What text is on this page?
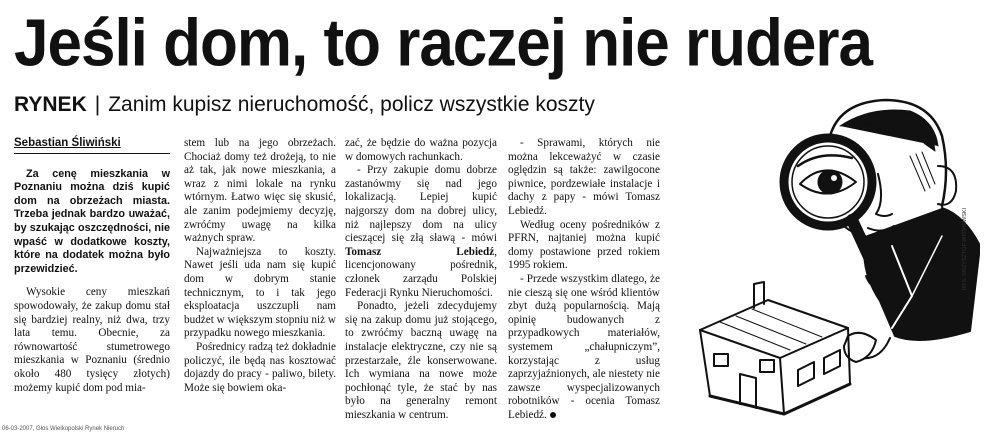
Jeśli dom, to raczej nie rudera
RYNEK | Zanim kupisz nieruchomość, policz wszystkie koszty
Sebastian Śliwiński

Za cenę mieszkania w Poznaniu można dziś kupić dom na obrzeżach miasta. Trzeba jednak bardzo uważać, by szukając oszczędności, nie wpaść w dodatkowe koszty, które na dodatek można było przewidzieć.

Wysokie ceny mieszkań spowodowały, że zakup domu stał się bardziej realny, niż dwa, trzy lata temu. Obecnie, za równowartość stumetrowego mieszkania w Poznaniu (średnio około 480 tysięcy złotych) możemy kupić dom pod mia-

stem lub na jego obrzeżach. Chociaż domy też drożeją, to nie aż tak, jak nowe mieszkania, a wraz z nimi lokale na rynku wtórnym. Łatwo więc się skusić, ale zanim podejmiemy decyzję, zwróćmy uwagę na kilka ważnych spraw.

Najważniejsza to koszty. Nawet jeśli uda nam się kupić dom w dobrym stanie technicznym, to i tak jego eksploatacja uszczupli nam budżet w większym stopniu niż w przypadku nowego mieszkania.

Pośrednicy radzą też dokładnie policzyć, ile będą nas kosztować dojazdy do pracy - paliwo, bilety. Może się bowiem oka-

zać, że będzie do ważna pozycja w domowych rachunkach.

- Przy zakupie domu dobrze zastanówmy się nad jego lokalizacją. Lepiej kupić najgorszy dom na dobrej ulicy, niż najlepszy dom na ulicy cieszącej się złą sławą - mówi Tomasz Lebiedź, licencjonowany pośrednik, członek zarządu Polskiej Federacji Rynku Nieruchomości.

Ponadto, jeżeli zdecydujemy się na zakup domu już stojącego, to zwróćmy baczną uwagę na instalacje elektryczne, czy nie są przestarzałe, źle konserwowane. Ich wymiana na nowe może pochłonąć tyle, że stać by nas było na generalny remont mieszkania w centrum.

- Sprawami, których nie można lekceważyć w czasie oględzin są także: zawilgocone piwnice, pordzewiałe instalacje i dachy z papy - mówi Tomasz Lebiedź.

Według oceny pośredników z PFRN, najtaniej można kupić domy postawione przed rokiem 1995 rokiem.

- Przede wszystkim dlatego, że nie cieszą się one wśród klientów zbyt dużą popularnością. Mają opinię budowanych z przypadkowych materiałów, systemem „chałupniczym”, korzystając z usług zaprzyjaźnionych, ale niestety nie zawsze wyspecjalizowanych robotników - ocenia Tomasz Lebiedź.

RYS. KRZYSZTOF WIŚNIEWSKI
06-03-2007, Głos Wielkopolski Rynek Nieruch
